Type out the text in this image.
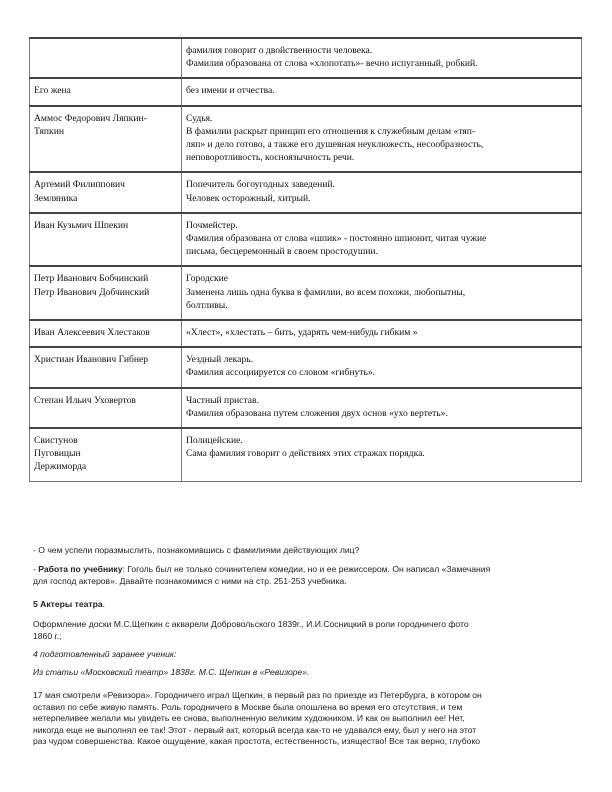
	фамилия говорит о двойственности человека.
Фамилия образована от слова «хлопотать»- вечно испуганный, робкий.

Его жена	без имени и отчества.

Аммос Федорович Ляпкин-
Тяпкин	Судья.
В фамилии раскрыт принцип его отношения к служебным делам «тяп-
ляп» и дело готово, а также его душевная неуклюжесть, несообразность,
неповоротливость, косноязычность речи.

Артемий Филиппович
Земляника	Попечитель богоугодных заведений.
Человек осторожный, хитрый.

Иван Кузьмич Шпекин	Почмейстер.
Фамилия образована от слова «шпик» - постоянно шпионит, читая чужие
письма, бесцеремонный в своем простодушии.

Петр Иванович Бобчинский
Петр Иванович Добчинский	Городские
Заменена лишь одна буква в фамилии, во всем похожи, любопытны,
болтливы.

Иван Алексеевич Хлестаков	«Хлест», «хлестать – бить, ударять чем-нибудь гибким »

Христиан Иванович Гибнер	Уездный лекарь.
Фамилия ассоциируется со словом «гибнуть».

Степан Ильич Уховертов	Частный пристав.
Фамилия образована путем сложения двух основ «ухо вертеть».

Свистунов
Пуговицын
Держиморда	Полицейские.
Сама фамилия говорит о действиях этих стражах порядка.

- О чем успели поразмыслить, познакомившись с фамилиями действующих лиц?

- Работа по учебнику: Гоголь был не только сочинителем комедии, но и ее режиссером. Он написал «Замечания

для господ актеров». Давайте познакомимся с ними на стр. 251-253 учебника.

5 Актеры театра.

Оформление доски М.С.Щепкин с акварели Добровольского 1839г., И.И.Сосницкий в роли городничего фото

1860 г.;

4 подготовленный заранее ученик:

Из статьи «Московский театр» 1838г. М.С. Щепкин в «Ревизоре».

17 мая смотрели «Ревизора». Городничего играл Щепкин, в первый раз по приезде из Петербурга, в котором он

оставил по себе живую память. Роль городничего в Москве была опошлена во время его отсутствия, и тем

нетерпеливее желали мы увидеть ее снова, выполненную великим художником. И как он выполнил ее! Нет,

никогда еще не выполнял ее так! Этот - первый акт, который всегда как-то не удавался ему, был у него на этот

раз чудом совершенства. Какое ощущение, какая простота, естественность, изящество! Все так верно, глубоко
